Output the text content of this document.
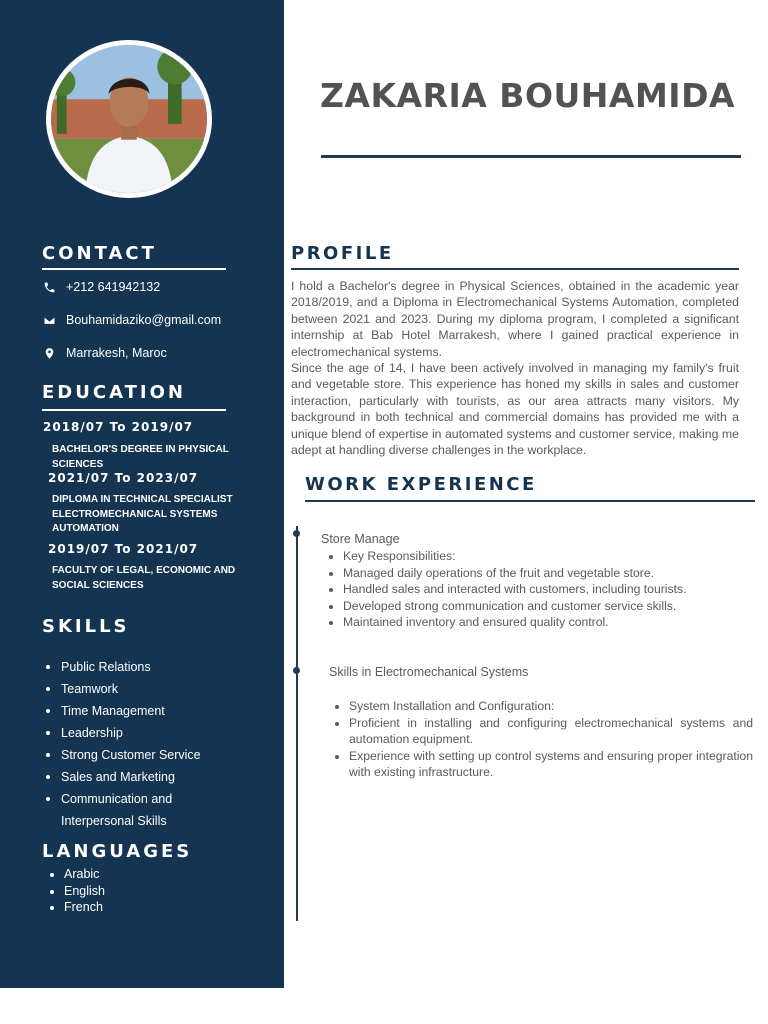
CONTACT
+212 641942132
Bouhamidaziko@gmail.com
Marrakesh, Maroc
EDUCATION
2018/07 To 2019/07
BACHELOR'S DEGREE IN PHYSICAL SCIENCES
2021/07 To 2023/07
DIPLOMA IN TECHNICAL SPECIALIST ELECTROMECHANICAL SYSTEMS AUTOMATION
2019/07 To 2021/07
FACULTY OF LEGAL, ECONOMIC AND SOCIAL SCIENCES
SKILLS
Public Relations
Teamwork
Time Management
Leadership
Strong Customer Service
Sales and Marketing
Communication and Interpersonal Skills
LANGUAGES
Arabic
English
French
ZAKARIA BOUHAMIDA
PROFILE

I hold a Bachelor's degree in Physical Sciences, obtained in the academic year 2018/2019, and a Diploma in Electromechanical Systems Automation, completed between 2021 and 2023. During my diploma program, I completed a significant internship at Bab Hotel Marrakesh, where I gained practical experience in electromechanical systems.

Since the age of 14, I have been actively involved in managing my family's fruit and vegetable store. This experience has honed my skills in sales and customer interaction, particularly with tourists, as our area attracts many visitors. My background in both technical and commercial domains has provided me with a unique blend of expertise in automated systems and customer service, making me adept at handling diverse challenges in the workplace.

WORK EXPERIENCE
Store Manage
Key Responsibilities:
Managed daily operations of the fruit and vegetable store.
Handled sales and interacted with customers, including tourists.
Developed strong communication and customer service skills.
Maintained inventory and ensured quality control.
Skills in Electromechanical Systems
System Installation and Configuration:
Proficient in installing and configuring electromechanical systems and automation equipment.
Experience with setting up control systems and ensuring proper integration with existing infrastructure.
